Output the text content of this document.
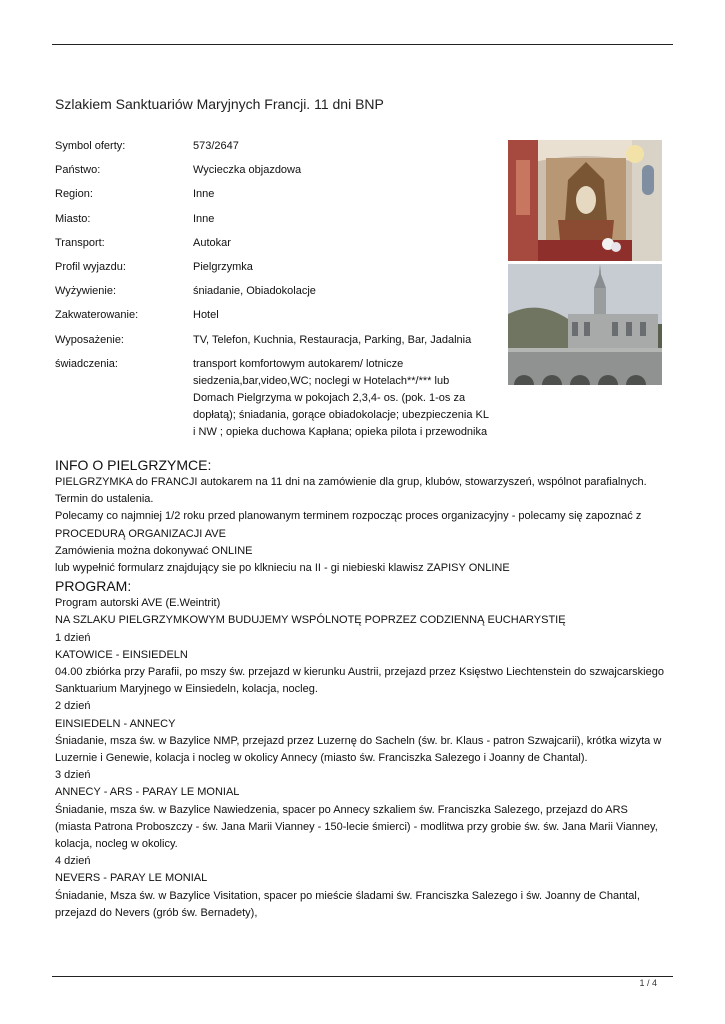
Szlakiem Sanktuariów Maryjnych Francji. 11 dni BNP
Symbol oferty:	573/2647
Państwo:	Wycieczka objazdowa
Region:	Inne
Miasto:	Inne
Transport:	Autokar
Profil wyjazdu:	Pielgrzymka
Wyżywienie:	śniadanie, Obiadokolacje
Zakwaterowanie:	Hotel
Wyposażenie:	TV, Telefon, Kuchnia, Restauracja, Parking, Bar, Jadalnia
świadczenia:	transport komfortowym autokarem/ lotnicze siedzenia,bar,video,WC; noclegi w Hotelach**/*** lub Domach Pielgrzyma w pokojach 2,3,4- os. (pok. 1-os za dopłatą); śniadania, gorące obiadokolacje; ubezpieczenia KL i NW ; opieka duchowa Kapłana; opieka pilota i przewodnika
INFO O PIELGRZYMCE:

PIELGRZYMKA do FRANCJI autokarem na 11 dni na zamówienie dla grup, klubów, stowarzyszeń, wspólnot parafialnych. Termin do ustalenia.

Polecamy co najmniej 1/2 roku przed planowanym terminem rozpocząc proces organizacyjny - polecamy się zapoznać z PROCEDURĄ ORGANIZACJI AVE

Zamówienia można dokonywać ONLINE

lub wypełnić formularz znajdujący sie po klknieciu na II - gi niebieski klawisz ZAPISY ONLINE

PROGRAM:

Program autorski AVE (E.Weintrit)

NA SZLAKU PIELGRZYMKOWYM BUDUJEMY WSPÓLNOTĘ POPRZEZ CODZIENNĄ EUCHARYSTIĘ

1 dzień

KATOWICE - EINSIEDELN

04.00 zbiórka przy Parafii, po mszy św. przejazd w kierunku Austrii, przejazd przez Księstwo Liechtenstein do szwajcarskiego Sanktuarium Maryjnego w Einsiedeln, kolacja, nocleg.

2 dzień

EINSIEDELN - ANNECY

Śniadanie, msza św. w Bazylice NMP, przejazd przez Luzernę do Sacheln (św. br. Klaus - patron Szwajcarii), krótka wizyta w Luzernie i Genewie, kolacja i nocleg w okolicy Annecy (miasto św. Franciszka Salezego i Joanny de Chantal).

3 dzień

ANNECY - ARS - PARAY LE MONIAL

Śniadanie, msza św. w Bazylice Nawiedzenia, spacer po Annecy szkaliem św. Franciszka Salezego, przejazd do ARS (miasta Patrona Proboszczy - św. Jana Marii Vianney - 150-lecie śmierci) - modlitwa przy grobie św. św. Jana Marii Vianney, kolacja, nocleg w okolicy.

4 dzień

NEVERS - PARAY LE MONIAL

Śniadanie, Msza św. w Bazylice Visitation, spacer po mieście śladami św. Franciszka Salezego i św. Joanny de Chantal, przejazd do Nevers (grób św. Bernadety),

1 / 4
